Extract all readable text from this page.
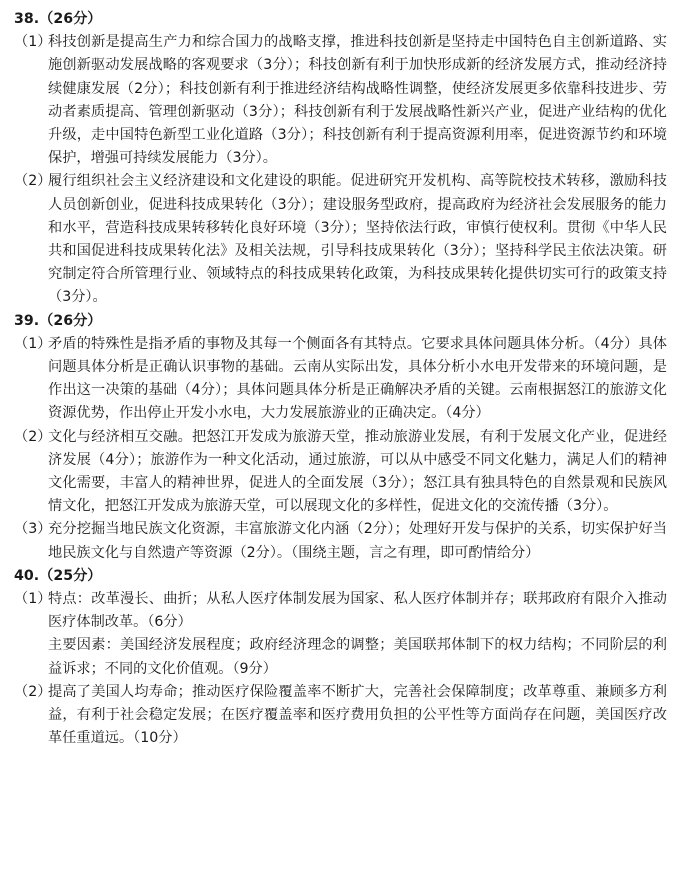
38.（26分）

（1）

科技创新是提高生产力和综合国力的战略支撑，推进科技创新是坚持走中国特色自主创新道路、实施创新驱动发展战略的客观要求（3分）；科技创新有利于加快形成新的经济发展方式，推动经济持续健康发展（2分）；科技创新有利于推进经济结构战略性调整，使经济发展更多依靠科技进步、劳动者素质提高、管理创新驱动（3分）；科技创新有利于发展战略性新兴产业，促进产业结构的优化升级，走中国特色新型工业化道路（3分）；科技创新有利于提高资源利用率，促进资源节约和环境保护，增强可持续发展能力（3分）。

（2）

履行组织社会主义经济建设和文化建设的职能。促进研究开发机构、高等院校技术转移，激励科技人员创新创业，促进科技成果转化（3分）；建设服务型政府，提高政府为经济社会发展服务的能力和水平，营造科技成果转移转化良好环境（3分）；坚持依法行政，审慎行使权利。贯彻《中华人民共和国促进科技成果转化法》及相关法规，引导科技成果转化（3分）；坚持科学民主依法决策。研究制定符合所管理行业、领域特点的科技成果转化政策，为科技成果转化提供切实可行的政策支持（3分）。

39.（26分）

（1）

矛盾的特殊性是指矛盾的事物及其每一个侧面各有其特点。它要求具体问题具体分析。（4分）具体问题具体分析是正确认识事物的基础。云南从实际出发，具体分析小水电开发带来的环境问题，是作出这一决策的基础（4分）；具体问题具体分析是正确解决矛盾的关键。云南根据怒江的旅游文化资源优势，作出停止开发小水电，大力发展旅游业的正确决定。（4分）

（2）

文化与经济相互交融。把怒江开发成为旅游天堂，推动旅游业发展，有利于发展文化产业，促进经济发展（4分）；旅游作为一种文化活动，通过旅游，可以从中感受不同文化魅力，满足人们的精神文化需要，丰富人的精神世界，促进人的全面发展（3分）；怒江具有独具特色的自然景观和民族风情文化，把怒江开发成为旅游天堂，可以展现文化的多样性，促进文化的交流传播（3分）。

（3）

充分挖掘当地民族文化资源，丰富旅游文化内涵（2分）；处理好开发与保护的关系，切实保护好当地民族文化与自然遗产等资源（2分）。（围绕主题，言之有理，即可酌情给分）

40.（25分）

（1）

特点：改革漫长、曲折；从私人医疗体制发展为国家、私人医疗体制并存；联邦政府有限介入推动医疗体制改革。（6分）

主要因素：美国经济发展程度；政府经济理念的调整；美国联邦体制下的权力结构；不同阶层的利益诉求；不同的文化价值观。（9分）

（2）

提高了美国人均寿命；推动医疗保险覆盖率不断扩大，完善社会保障制度；改革尊重、兼顾多方利益，有利于社会稳定发展；在医疗覆盖率和医疗费用负担的公平性等方面尚存在问题，美国医疗改革任重道远。（10分）
